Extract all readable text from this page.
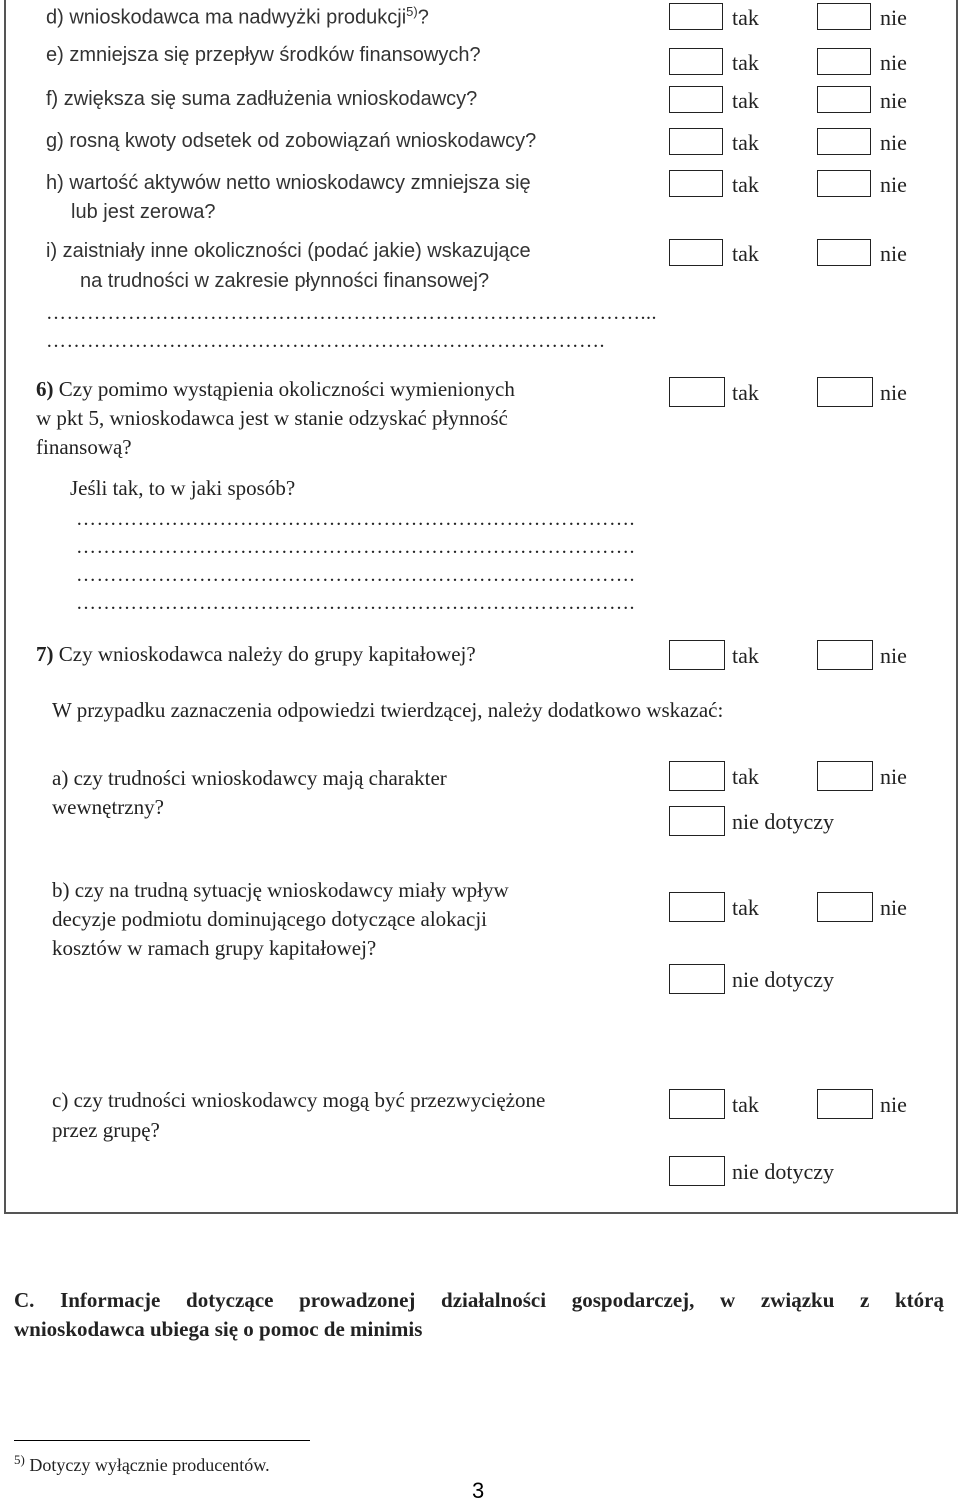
d) wnioskodawca ma nadwyżki produkcji$^{5)}$?	tak	nie
e) zmniejsza się przepływ środków finansowych?	tak	nie
f) zwiększa się suma zadłużenia wnioskodawcy?	tak	nie
g) rosną kwoty odsetek od zobowiązań wnioskodawcy?	tak	nie
h) wartość aktywów netto wnioskodawcy zmniejsza się
lub jest zerowa?
tak	nie
i) zaistniały inne okoliczności (podać jakie) wskazujące
na trudności w zakresie płynności finansowej?
tak	nie
……………………………………………………………………………...
……………………………………………………………………….
6) Czy pomimo wystąpienia okoliczności wymienionych
w pkt 5, wnioskodawca jest w stanie odzyskać płynność
finansową?
Jeśli tak, to w jaki sposób?
tak	nie
……………………………………………………………………….
……………………………………………………………………….
……………………………………………………………………….
……………………………………………………………………….
7) Czy wnioskodawca należy do grupy kapitałowej?	tak	nie
W przypadku zaznaczenia odpowiedzi twierdzącej, należy dodatkowo wskazać:
a) czy trudności wnioskodawcy mają charakter
wewnętrzny?
tak	nie
nie dotyczy
b) czy na trudną sytuację wnioskodawcy miały wpływ
decyzje podmiotu dominującego dotyczące alokacji
kosztów w ramach grupy kapitałowej?
tak	nie
nie dotyczy
c) czy trudności wnioskodawcy mogą być przezwyciężone
przez grupę?
tak	nie
nie dotyczy
C. Informacje dotyczące prowadzonej działalności gospodarczej, w związku z którą
wnioskodawca ubiega się o pomoc de minimis
$^{5)}$ Dotyczy wyłącznie producentów.
3
